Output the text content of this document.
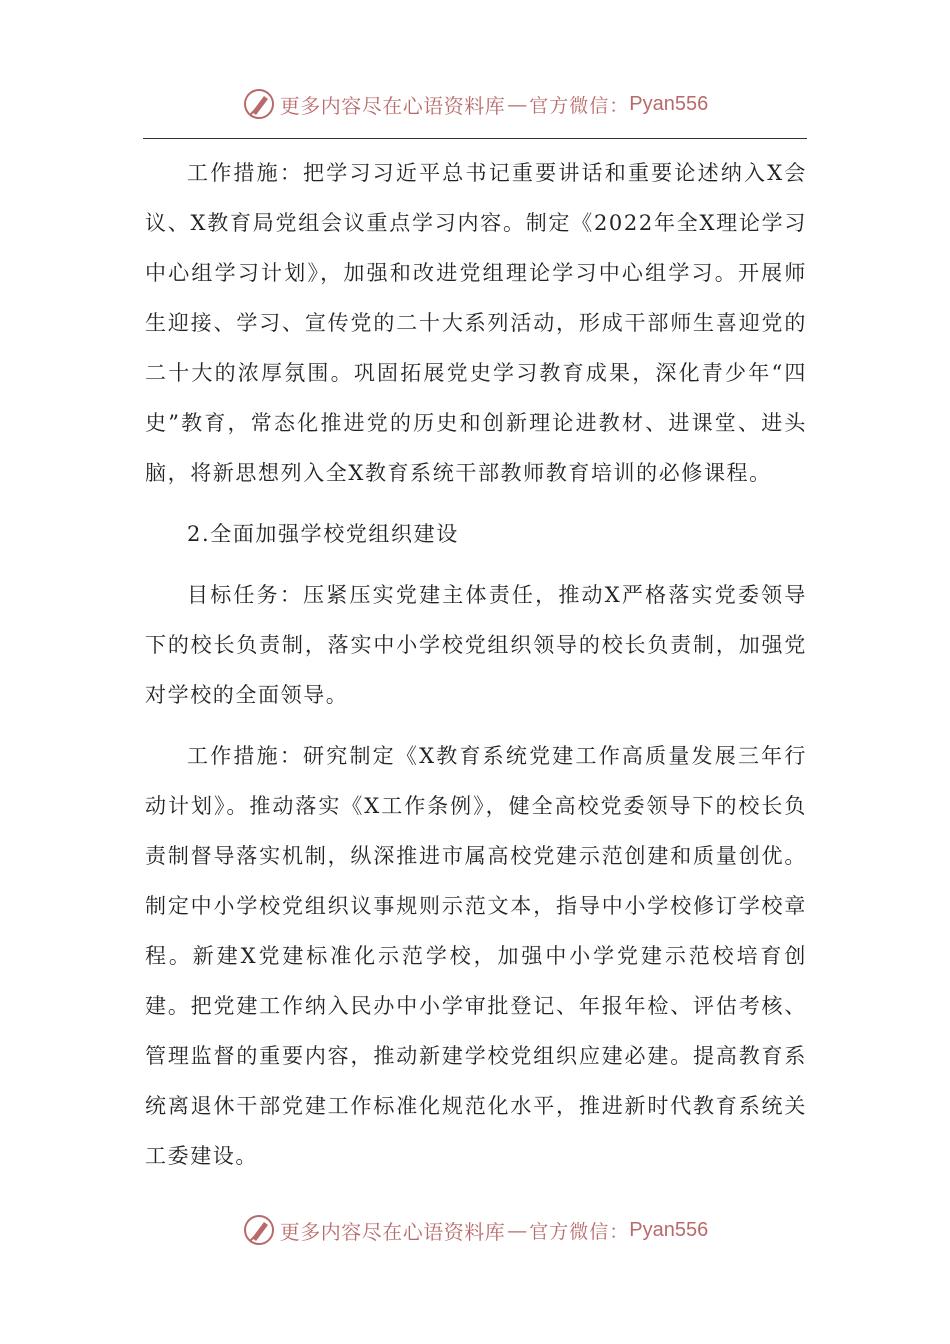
更多内容尽在心语资料库 — 官方微信： Pyan556

工作措施：把学习习近平总书记重要讲话和重要论述纳入X会议、X教育局党组会议重点学习内容。制定《2022年全X理论学习中心组学习计划》，加强和改进党组理论学习中心组学习。开展师生迎接、学习、宣传党的二十大系列活动，形成干部师生喜迎党的二十大的浓厚氛围。巩固拓展党史学习教育成果，深化青少年“四史”教育，常态化推进党的历史和创新理论进教材、进课堂、进头脑，将新思想列入全X教育系统干部教师教育培训的必修课程。

2.全面加强学校党组织建设

目标任务：压紧压实党建主体责任，推动X严格落实党委领导下的校长负责制，落实中小学校党组织领导的校长负责制，加强党对学校的全面领导。

工作措施：研究制定《X教育系统党建工作高质量发展三年行动计划》。推动落实《X工作条例》，健全高校党委领导下的校长负责制督导落实机制，纵深推进市属高校党建示范创建和质量创优。制定中小学校党组织议事规则示范文本，指导中小学校修订学校章程。新建X党建标准化示范学校，加强中小学党建示范校培育创建。把党建工作纳入民办中小学审批登记、年报年检、评估考核、管理监督的重要内容，推动新建学校党组织应建必建。提高教育系统离退休干部党建工作标准化规范化水平，推进新时代教育系统关工委建设。

更多内容尽在心语资料库 — 官方微信： Pyan556
